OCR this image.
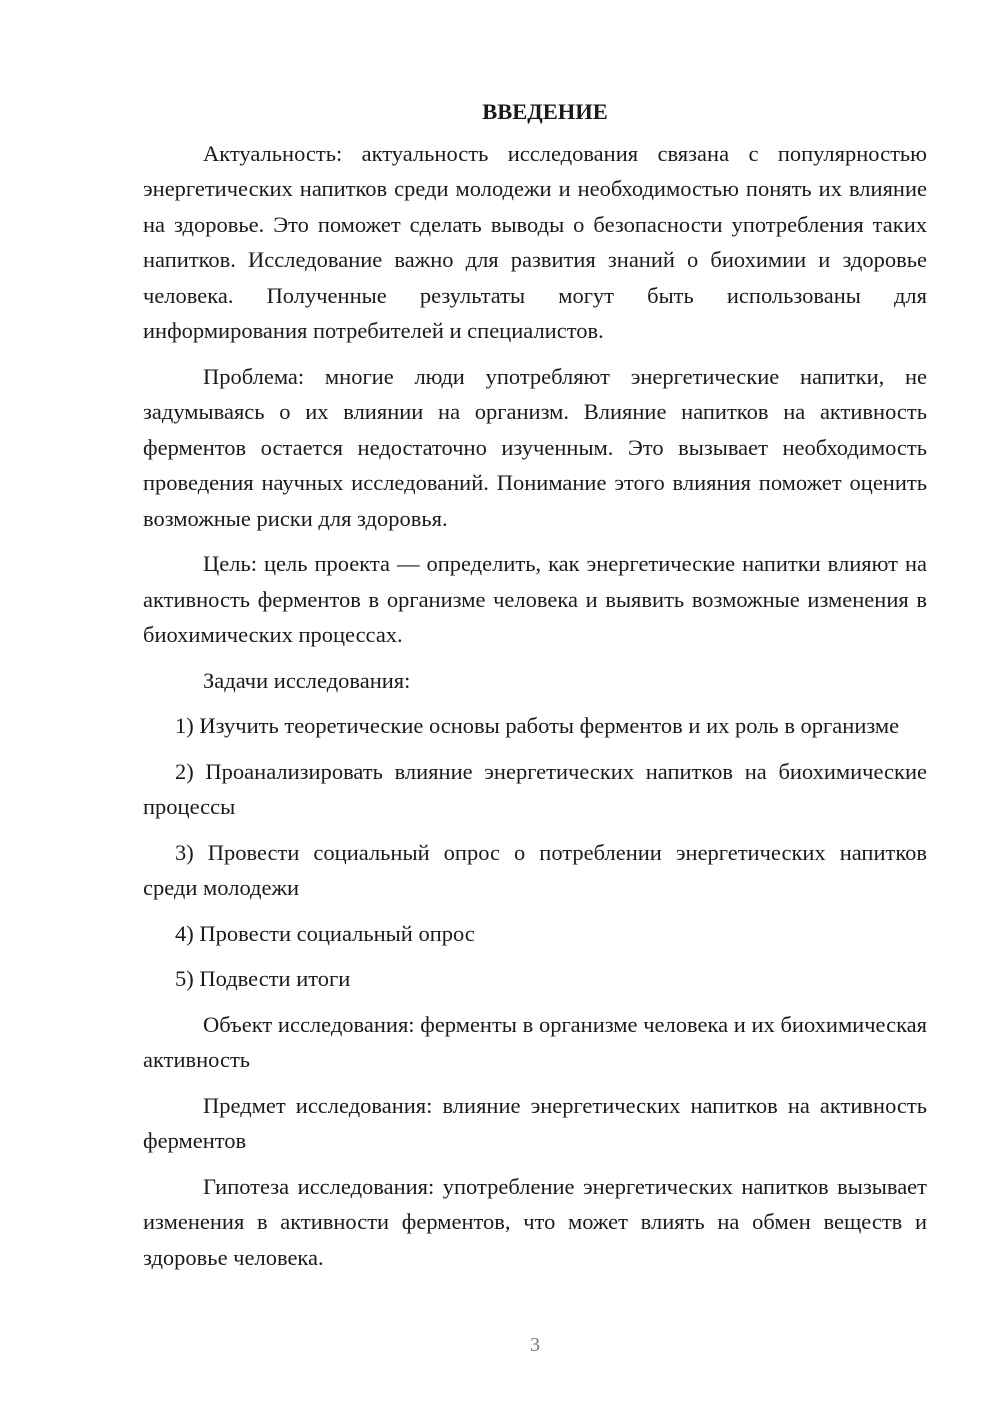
ВВЕДЕНИЕ

Актуальность: актуальность исследования связана с популярностью энергетических напитков среди молодежи и необходимостью понять их влияние на здоровье. Это поможет сделать выводы о безопасности употребления таких напитков. Исследование важно для развития знаний о биохимии и здоровье человека. Полученные результаты могут быть использованы для информирования потребителей и специалистов.

Проблема: многие люди употребляют энергетические напитки, не задумываясь о их влиянии на организм. Влияние напитков на активность ферментов остается недостаточно изученным. Это вызывает необходимость проведения научных исследований. Понимание этого влияния поможет оценить возможные риски для здоровья.

Цель: цель проекта — определить, как энергетические напитки влияют на активность ферментов в организме человека и выявить возможные изменения в биохимических процессах.

Задачи исследования:

1) Изучить теоретические основы работы ферментов и их роль в организме

2) Проанализировать влияние энергетических напитков на биохимические процессы

3) Провести социальный опрос о потреблении энергетических напитков среди молодежи

4) Провести социальный опрос

5) Подвести итоги

Объект исследования: ферменты в организме человека и их биохимическая активность

Предмет исследования: влияние энергетических напитков на активность ферментов

Гипотеза исследования: употребление энергетических напитков вызывает изменения в активности ферментов, что может влиять на обмен веществ и здоровье человека.

3
